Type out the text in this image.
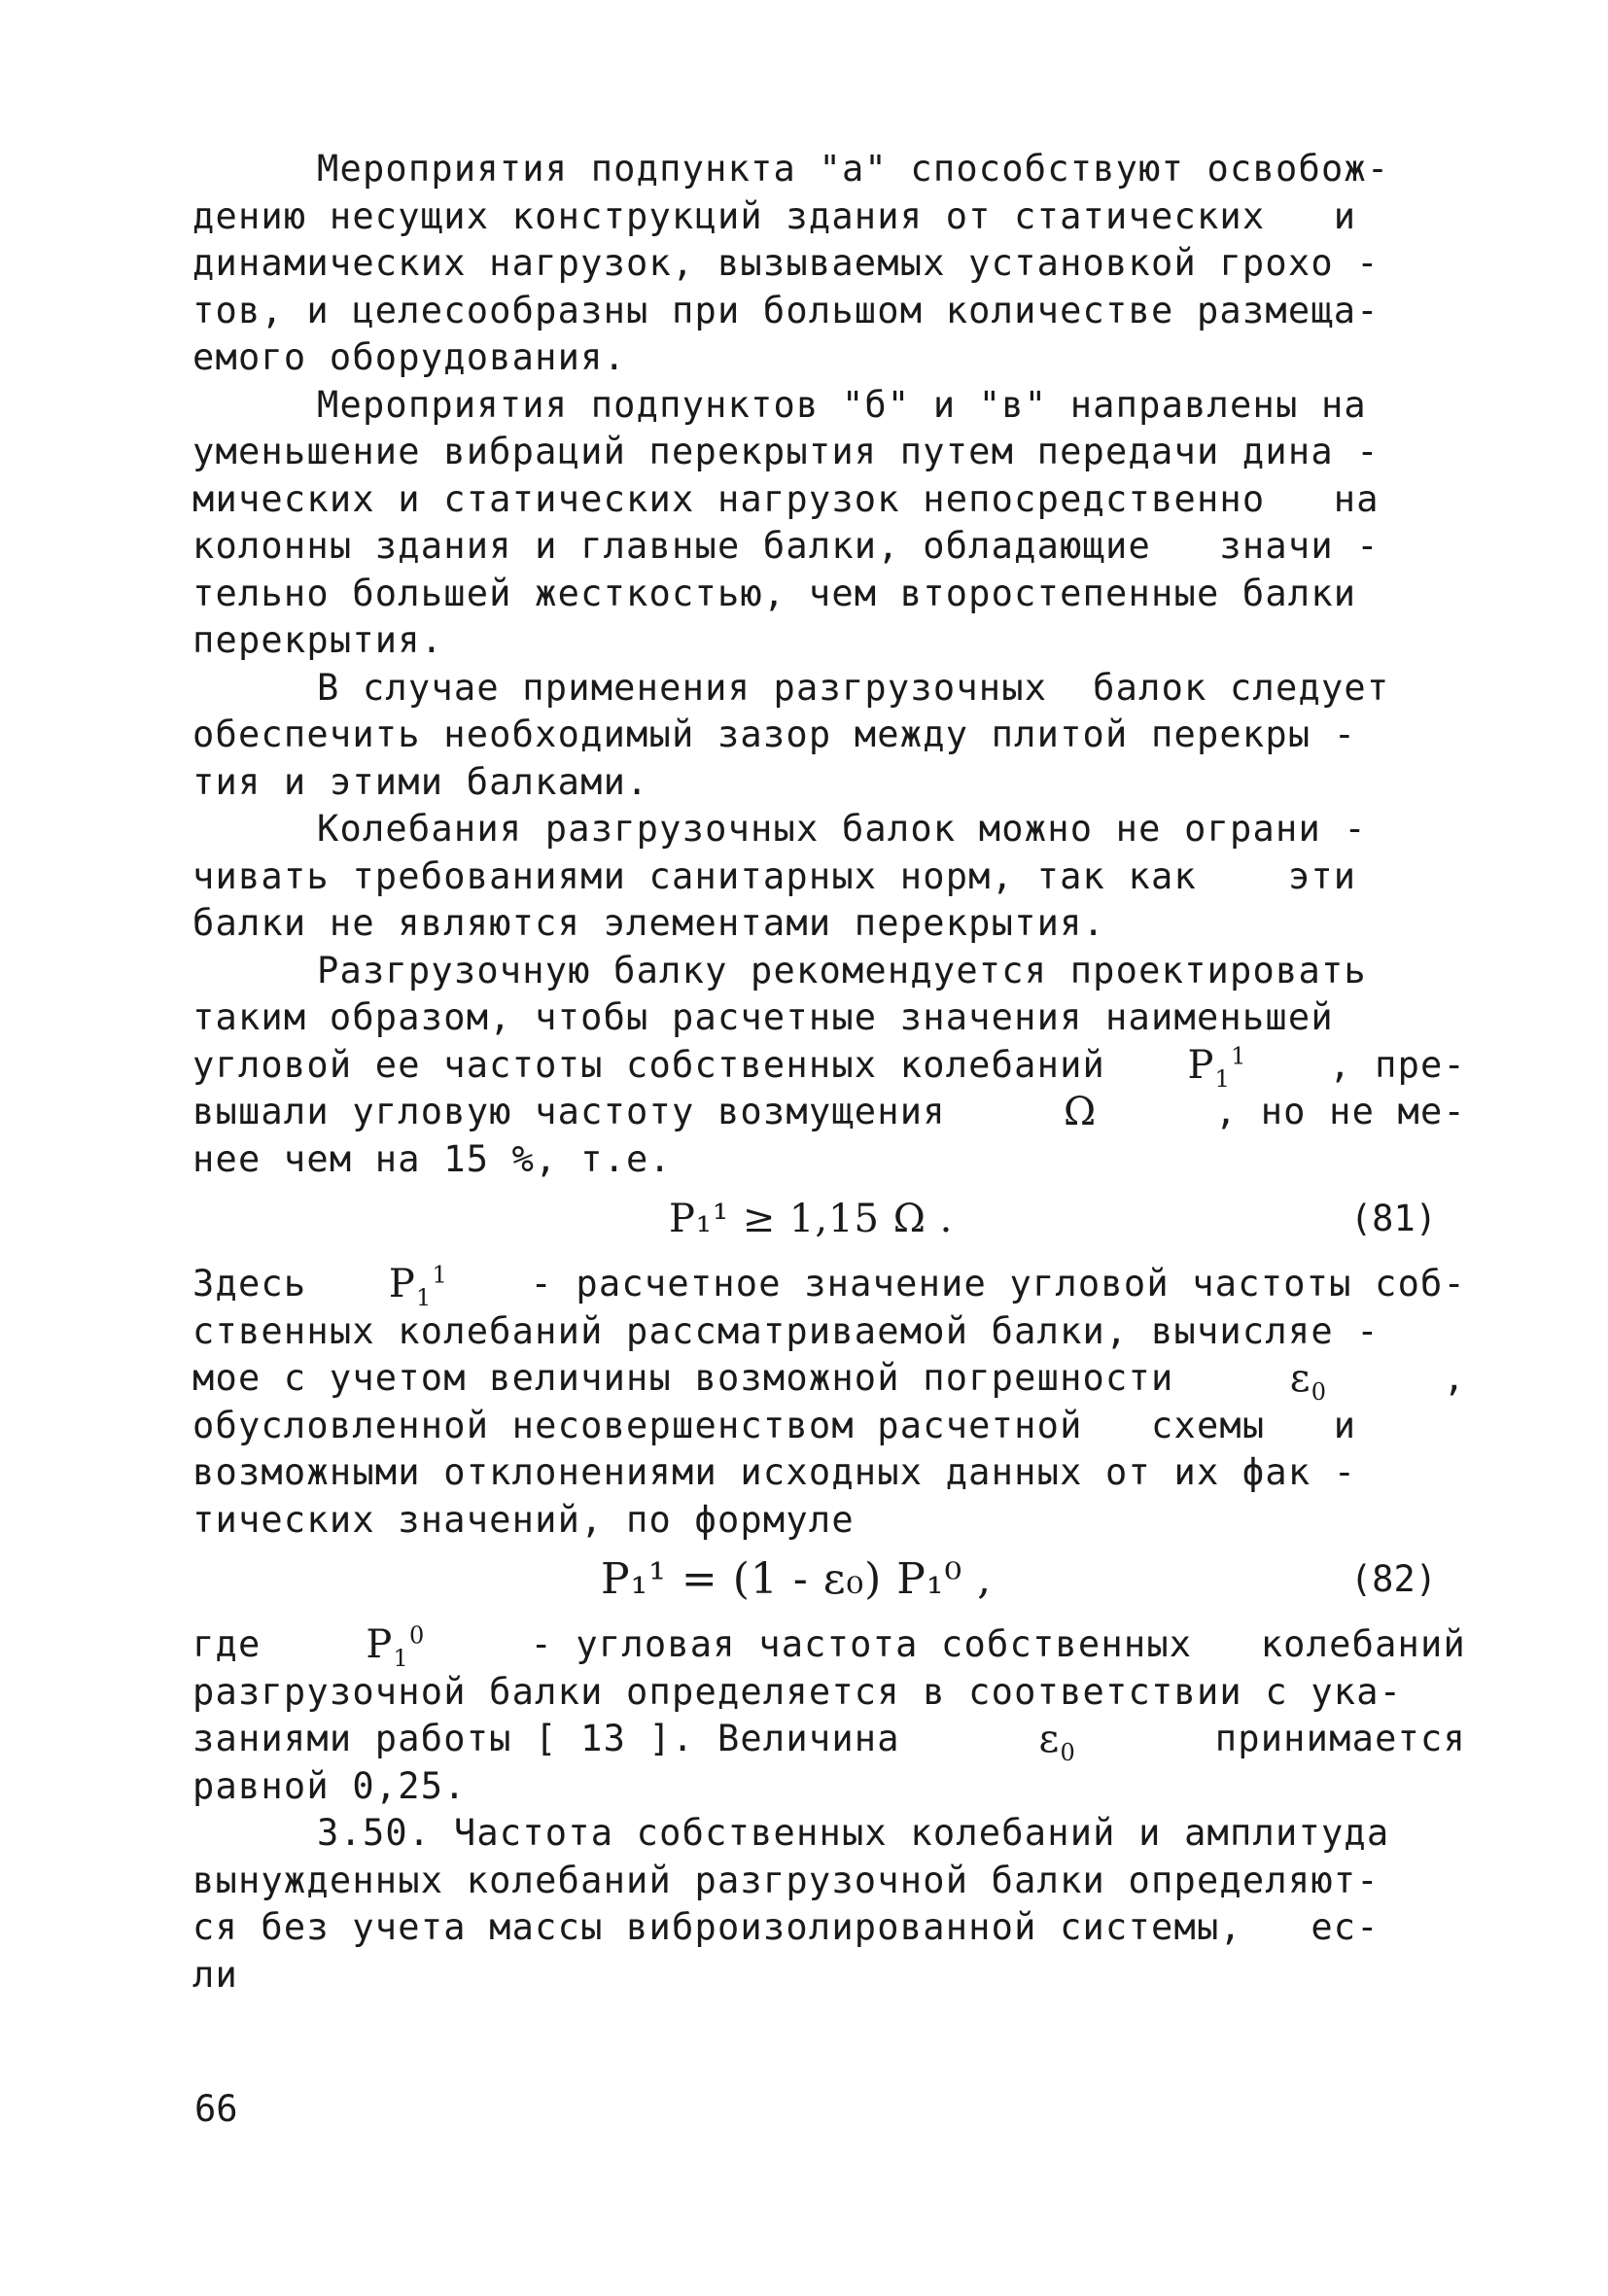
Мероприятия подпункта "а" способствуют освобож-
дению несущих конструкций здания от статических   и
динамических нагрузок, вызываемых установкой грохо -
тов, и целесообразны при большом количестве размеща-
емого оборудования.
Мероприятия подпунктов "б" и "в" направлены на
уменьшение вибраций перекрытия путем передачи дина -
мических и статических нагрузок непосредственно   на
колонны здания и главные балки, обладающие   значи -
тельно большей жесткостью, чем второстепенные балки
перекрытия.
В случае применения разгрузочных  балок следует
обеспечить необходимый зазор между плитой перекры -
тия и этими балками.
Колебания разгрузочных балок можно не ограни -
чивать требованиями санитарных норм, так как    эти
балки не являются элементами перекрытия.
Разгрузочную балку рекомендуется проектировать
таким образом, чтобы расчетные значения наименьшей
угловой ее частоты собственных колебаний $P_1^1$ , пре-
вышали угловую частоту возмущения	Ω	, но не ме-
нее чем на 15 %, т.е.
P₁¹ ≥ 1,15 Ω .	(81)
Здесь $P_1^1$ - расчетное значение угловой частоты соб-
ственных колебаний рассматриваемой балки, вычисляе -
мое с учетом величины возможной погрешности	$\varepsilon_0$	,
обусловленной несовершенством расчетной   схемы   и
возможными отклонениями исходных данных от их фак -
тических значений, по формуле
P₁¹ = (1 - ε₀) P₁⁰ ,	(82)
где	$P_1^0$	- угловая частота собственных   колебаний
разгрузочной балки определяется в соответствии с ука-
заниями работы [ 13 ]. Величина	$\varepsilon_0$	принимается
равной 0,25.
3.50. Частота собственных колебаний и амплитуда
вынужденных колебаний разгрузочной балки определяют-
ся без учета массы виброизолированной системы,   ес-
ли
66
